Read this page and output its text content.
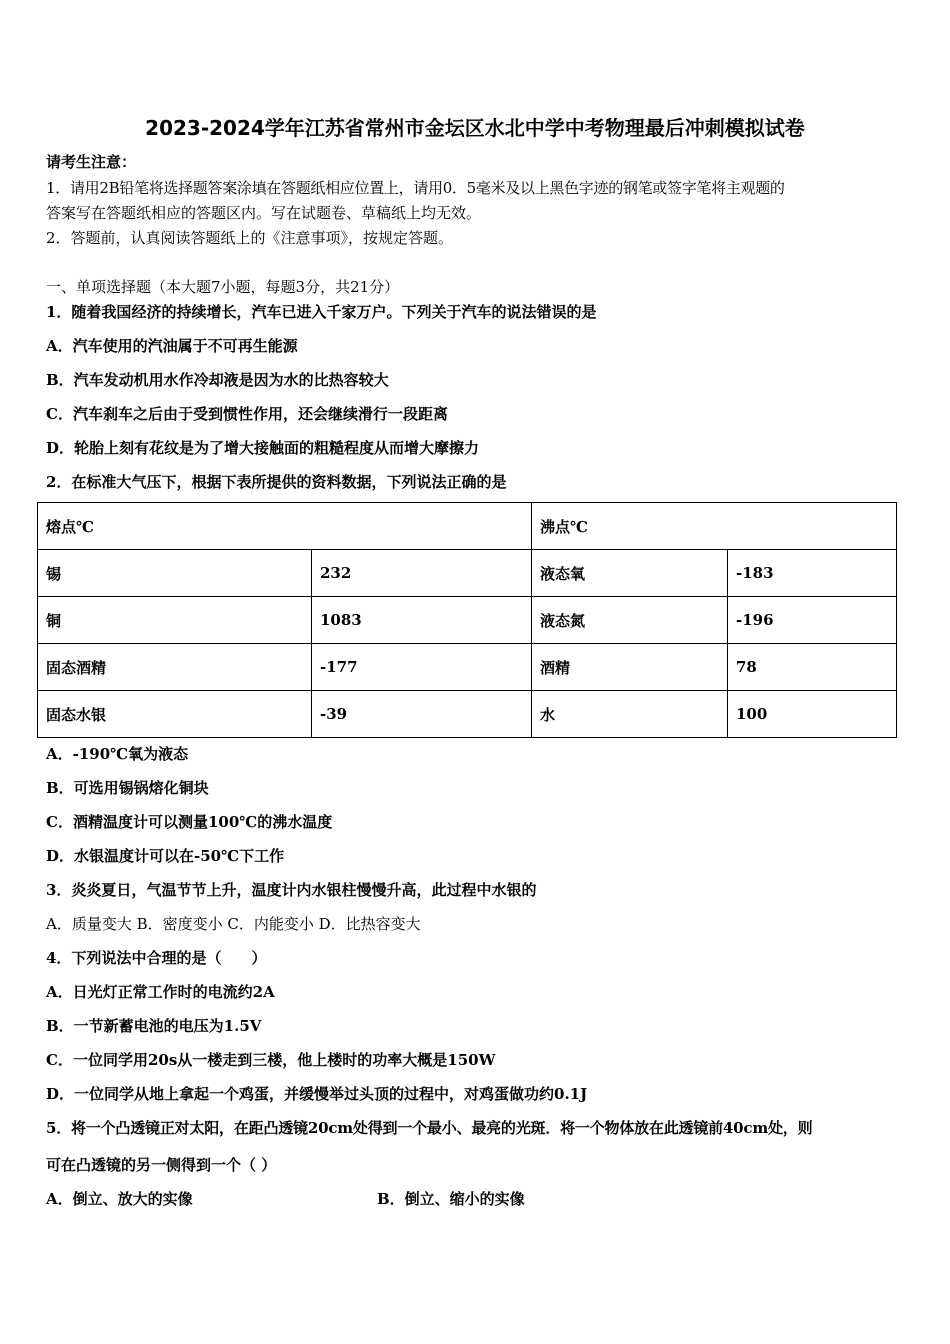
2023-2024学年江苏省常州市金坛区水北中学中考物理最后冲刺模拟试卷
请考生注意：
1．请用2B铅笔将选择题答案涂填在答题纸相应位置上，请用0．5毫米及以上黑色字迹的钢笔或签字笔将主观题的
答案写在答题纸相应的答题区内。写在试题卷、草稿纸上均无效。
2．答题前，认真阅读答题纸上的《注意事项》，按规定答题。
一、单项选择题（本大题7小题，每题3分，共21分）
1．随着我国经济的持续增长，汽车已进入千家万户。下列关于汽车的说法错误的是
A．汽车使用的汽油属于不可再生能源
B．汽车发动机用水作冷却液是因为水的比热容较大
C．汽车刹车之后由于受到惯性作用，还会继续滑行一段距离
D．轮胎上刻有花纹是为了增大接触面的粗糙程度从而增大摩擦力
2．在标准大气压下，根据下表所提供的资料数据，下列说法正确的是
熔点℃		沸点℃	
锡	232	液态氧	-183
铜	1083	液态氮	-196
固态酒精	-177	酒精	78
固态水银	-39	水	100
A．-190℃氧为液态
B．可选用锡锅熔化铜块
C．酒精温度计可以测量100℃的沸水温度
D．水银温度计可以在-50℃下工作
3．炎炎夏日，气温节节上升，温度计内水银柱慢慢升高，此过程中水银的
A．质量变大 B．密度变小 C．内能变小 D．比热容变大
4．下列说法中合理的是（　　）
A．日光灯正常工作时的电流约2A
B．一节新蓄电池的电压为1.5V
C．一位同学用20s从一楼走到三楼，他上楼时的功率大概是150W
D．一位同学从地上拿起一个鸡蛋，并缓慢举过头顶的过程中，对鸡蛋做功约0.1J
5．将一个凸透镜正对太阳，在距凸透镜20cm处得到一个最小、最亮的光斑．将一个物体放在此透镜前40cm处，则
可在凸透镜的另一侧得到一个（ ）
A．倒立、放大的实像	B．倒立、缩小的实像
